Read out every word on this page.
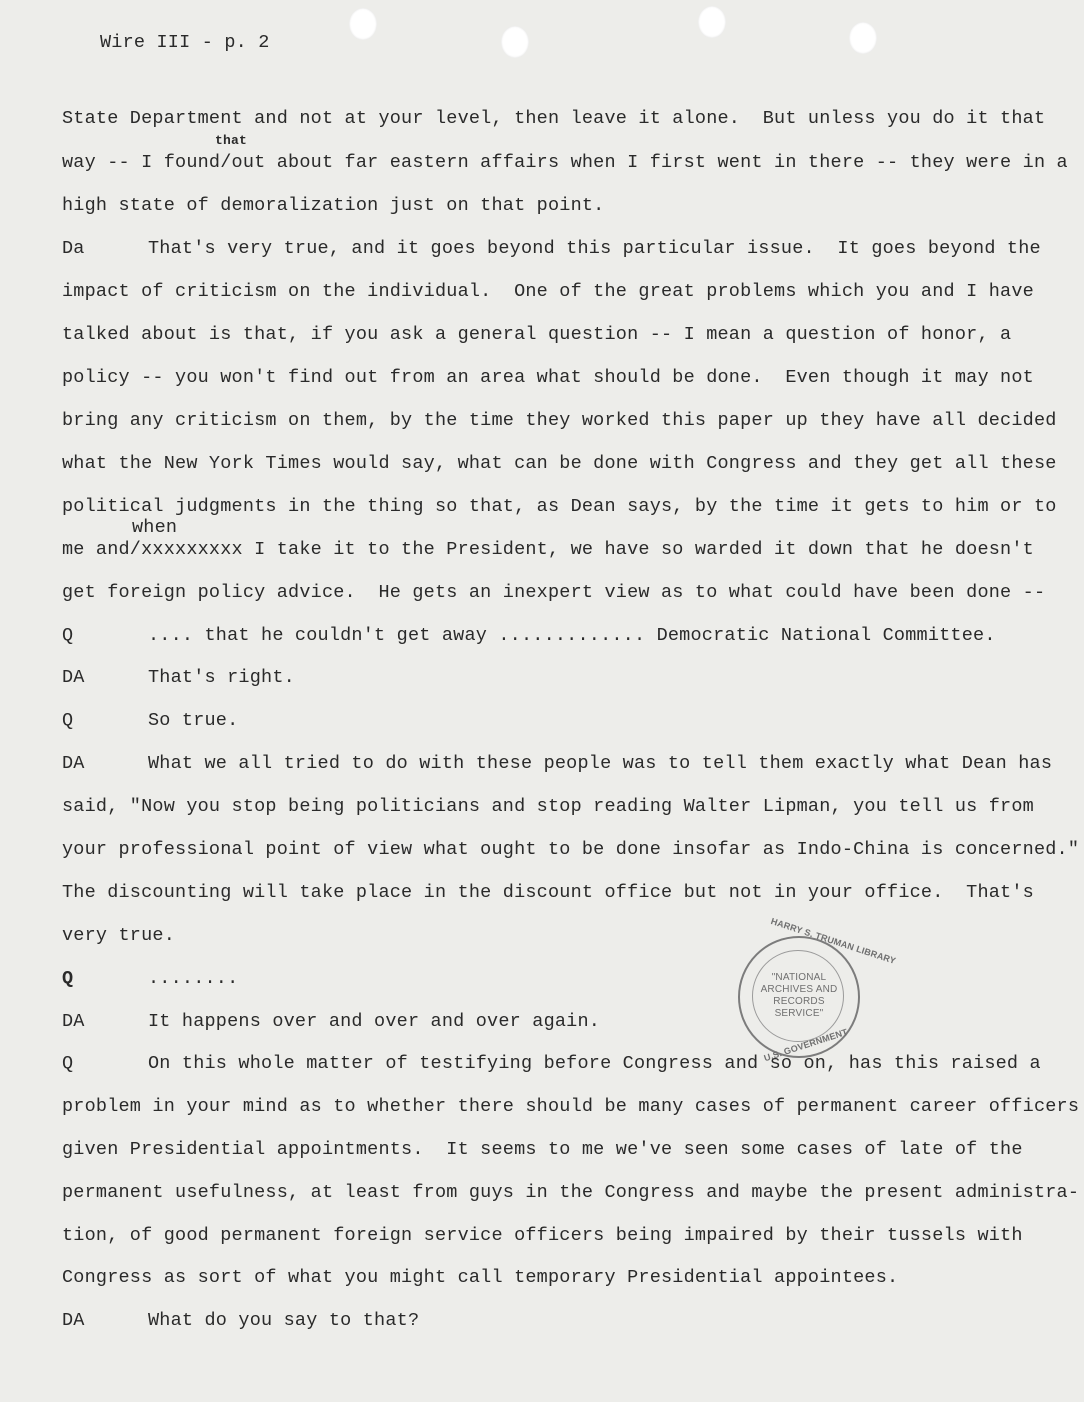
Wire III - p. 2
State Department and not at your level, then leave it alone.  But unless you do it that
that
way -- I found/out about far eastern affairs when I first went in there -- they were in a
high state of demoralization just on that point.
Da	That's very true, and it goes beyond this particular issue.  It goes beyond the
impact of criticism on the individual.  One of the great problems which you and I have
talked about is that, if you ask a general question -- I mean a question of honor, a
policy -- you won't find out from an area what should be done.  Even though it may not
bring any criticism on them, by the time they worked this paper up they have all decided
what the New York Times would say, what can be done with Congress and they get all these
political judgments in the thing so that, as Dean says, by the time it gets to him or to
when
me and/xxxxxxxxx I take it to the President, we have so warded it down that he doesn't
get foreign policy advice.  He gets an inexpert view as to what could have been done --
Q	.... that he couldn't get away ............. Democratic National Committee.
DA	That's right.
Q	So true.
DA	What we all tried to do with these people was to tell them exactly what Dean has
said, "Now you stop being politicians and stop reading Walter Lipman, you tell us from
your professional point of view what ought to be done insofar as Indo-China is concerned."
The discounting will take place in the discount office but not in your office.  That's
very true.
Q	........
DA	It happens over and over and over again.
Q	On this whole matter of testifying before Congress and so on, has this raised a
problem in your mind as to whether there should be many cases of permanent career officers
given Presidential appointments.  It seems to me we've seen some cases of late of the
permanent usefulness, at least from guys in the Congress and maybe the present administra-
tion, of good permanent foreign service officers being impaired by their tussels with
Congress as sort of what you might call temporary Presidential appointees.
DA	What do you say to that?
HARRY S. TRUMAN LIBRARY
"NATIONAL
ARCHIVES AND
RECORDS
SERVICE"
U.S. GOVERNMENT
